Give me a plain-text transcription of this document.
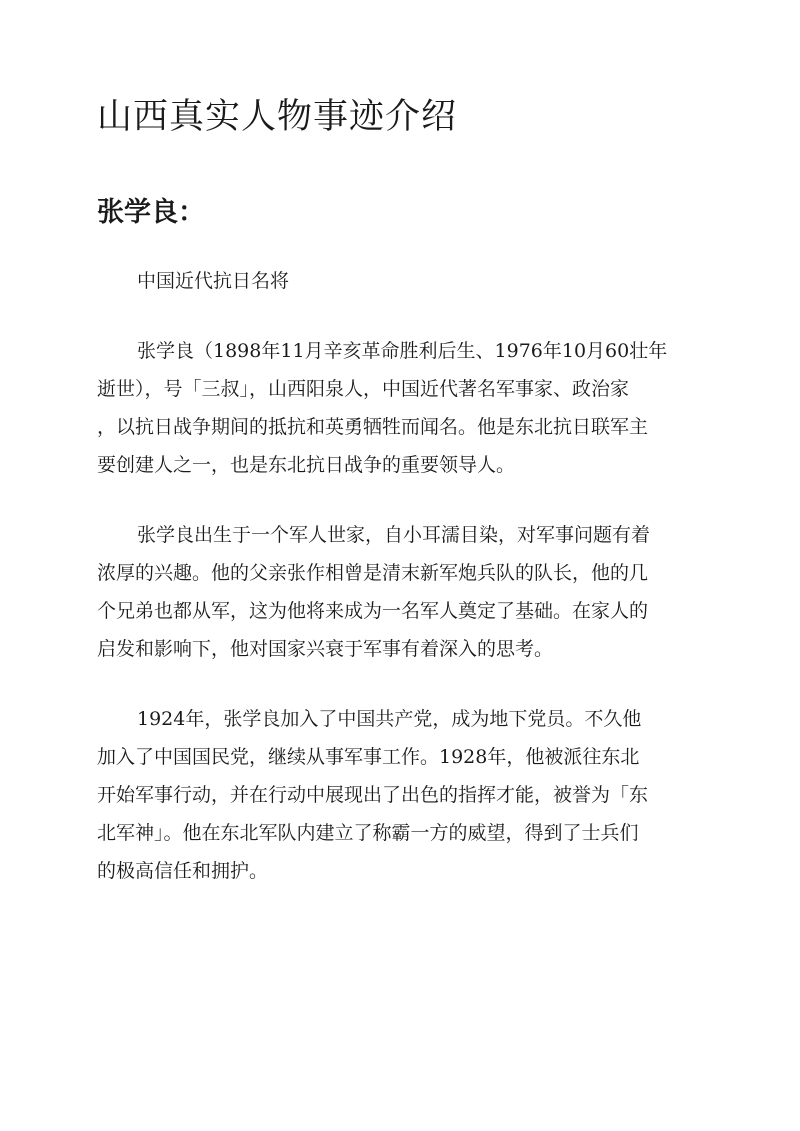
山西真实人物事迹介绍
张学良：

中国近代抗日名将

张学良（1898年11月辛亥革命胜利后生、1976年10月60壮年
逝世），号「三叔」，山西阳泉人，中国近代著名军事家、政治家
，以抗日战争期间的抵抗和英勇牺牲而闻名。他是东北抗日联军主
要创建人之一，也是东北抗日战争的重要领导人。

张学良出生于一个军人世家，自小耳濡目染，对军事问题有着
浓厚的兴趣。他的父亲张作相曾是清末新军炮兵队的队长，他的几
个兄弟也都从军，这为他将来成为一名军人奠定了基础。在家人的
启发和影响下，他对国家兴衰于军事有着深入的思考。

1924年，张学良加入了中国共产党，成为地下党员。不久他
加入了中国国民党，继续从事军事工作。1928年，他被派往东北
开始军事行动，并在行动中展现出了出色的指挥才能，被誉为「东
北军神」。他在东北军队内建立了称霸一方的威望，得到了士兵们
的极高信任和拥护。
